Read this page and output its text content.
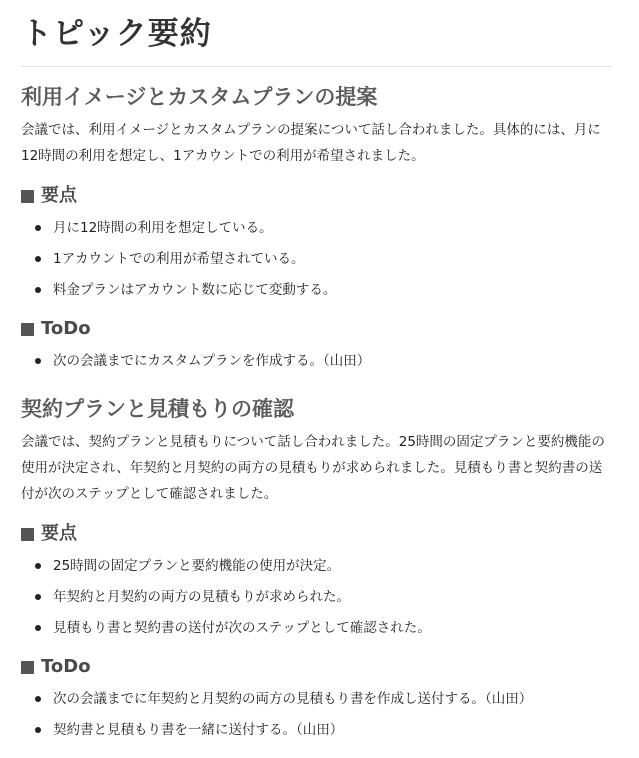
トピック要約
利用イメージとカスタムプランの提案

会議では、利用イメージとカスタムプランの提案について話し合われました。具体的には、月に12時間の利用を想定し、1アカウントでの利用が希望されました。

要点
月に12時間の利用を想定している。
1アカウントでの利用が希望されている。
料金プランはアカウント数に応じて変動する。
ToDo
次の会議までにカスタムプランを作成する。（山田）
契約プランと見積もりの確認

会議では、契約プランと見積もりについて話し合われました。25時間の固定プランと要約機能の使用が決定され、年契約と月契約の両方の見積もりが求められました。見積もり書と契約書の送付が次のステップとして確認されました。

要点
25時間の固定プランと要約機能の使用が決定。
年契約と月契約の両方の見積もりが求められた。
見積もり書と契約書の送付が次のステップとして確認された。
ToDo
次の会議までに年契約と月契約の両方の見積もり書を作成し送付する。（山田）
契約書と見積もり書を一緒に送付する。（山田）
